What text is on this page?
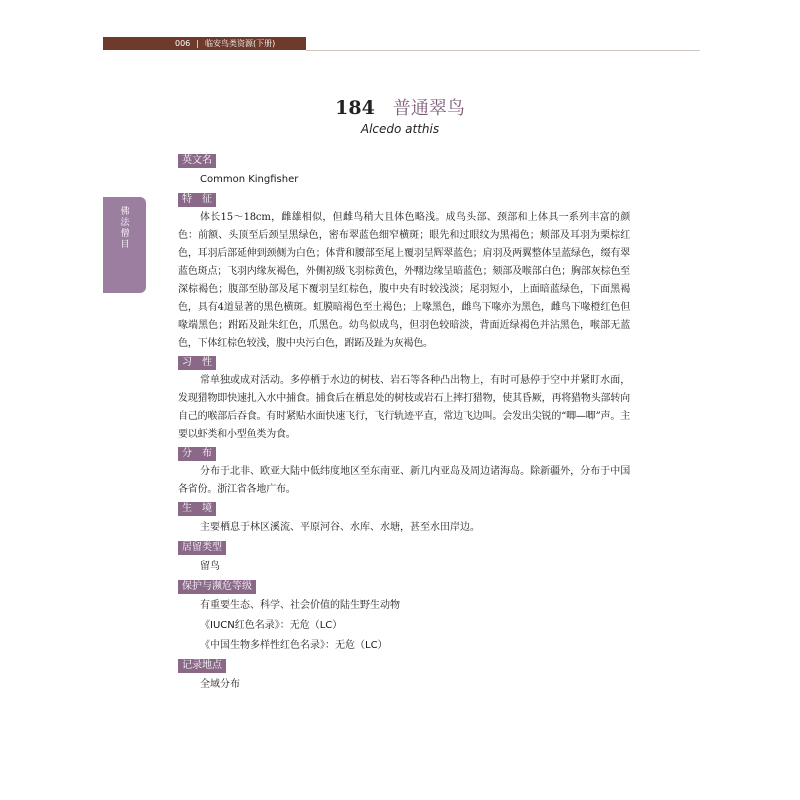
006 | 临安鸟类资源(下册)
佛法僧目
184 普通翠鸟
Alcedo atthis
英文名
Common Kingfisher
特　征
体长15～18cm，雌雄相似，但雌鸟稍大且体色略浅。成鸟头部、颈部和上体具一系列丰富的颜色：前额、头顶至后颈呈黑绿色，密布翠蓝色细窄横斑；眼先和过眼纹为黑褐色；颊部及耳羽为栗棕红色，耳羽后部延伸到颈侧为白色；体背和腰部至尾上覆羽呈辉翠蓝色；肩羽及两翼整体呈蓝绿色，缀有翠蓝色斑点；飞羽内缘灰褐色，外侧初级飞羽棕黄色，外翈边缘呈暗蓝色；颏部及喉部白色；胸部灰棕色至深棕褐色；腹部至胁部及尾下覆羽呈红棕色，腹中央有时较浅淡；尾羽短小，上面暗蓝绿色，下面黑褐色，具有4道显著的黑色横斑。虹膜暗褐色至土褐色；上喙黑色，雌鸟下喙亦为黑色，雌鸟下喙橙红色但喙端黑色；跗跖及趾朱红色，爪黑色。幼鸟似成鸟，但羽色较暗淡，背面近绿褐色并沾黑色，喉部无蓝色，下体红棕色较浅，腹中央污白色，跗跖及趾为灰褐色。
习　性
常单独或成对活动。多停栖于水边的树枝、岩石等各种凸出物上，有时可悬停于空中并紧盯水面，发现猎物即快速扎入水中捕食。捕食后在栖息处的树枝或岩石上摔打猎物，使其昏厥，再将猎物头部转向自己的喉部后吞食。有时紧贴水面快速飞行，飞行轨迹平直，常边飞边叫。会发出尖锐的“唧—唧”声。主要以虾类和小型鱼类为食。
分　布
分布于北非、欧亚大陆中低纬度地区至东南亚、新几内亚岛及周边诸海岛。除新疆外，分布于中国各省份。浙江省各地广布。
生　境
主要栖息于林区溪流、平原河谷、水库、水塘，甚至水田岸边。
居留类型
留鸟
保护与濒危等级
有重要生态、科学、社会价值的陆生野生动物
《IUCN红色名录》：无危（LC）
《中国生物多样性红色名录》：无危（LC）
记录地点
全域分布
